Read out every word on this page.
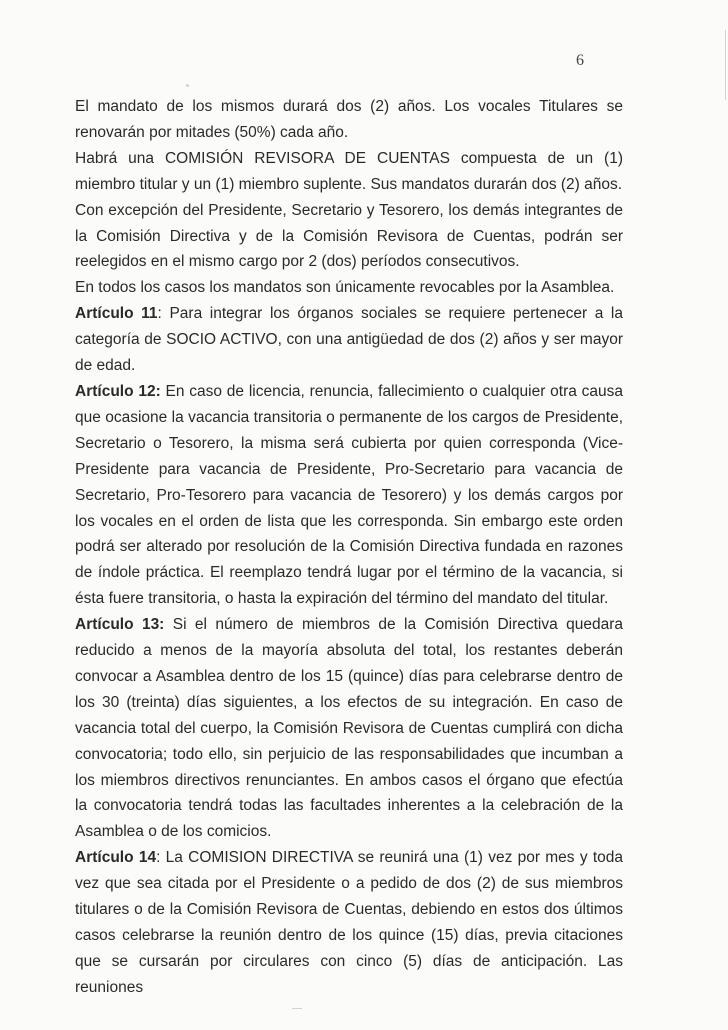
6

El mandato de los mismos durará dos (2) años. Los vocales Titulares se renovarán por mitades (50%) cada año.

Habrá una COMISIÓN REVISORA DE CUENTAS compuesta de un (1) miembro titular y un (1) miembro suplente. Sus mandatos durarán dos (2) años.

Con excepción del Presidente, Secretario y Tesorero, los demás integrantes de la Comisión Directiva y de la Comisión Revisora de Cuentas, podrán ser reelegidos en el mismo cargo por 2 (dos) períodos consecutivos.

En todos los casos los mandatos son únicamente revocables por la Asamblea.

Artículo 11: Para integrar los órganos sociales se requiere pertenecer a la categoría de SOCIO ACTIVO, con una antigüedad de dos (2) años y ser mayor de edad.

Artículo 12: En caso de licencia, renuncia, fallecimiento o cualquier otra causa que ocasione la vacancia transitoria o permanente de los cargos de Presidente, Secretario o Tesorero, la misma será cubierta por quien corresponda (Vice-Presidente para vacancia de Presidente, Pro-Secretario para vacancia de Secretario, Pro-Tesorero para vacancia de Tesorero) y los demás cargos por los vocales en el orden de lista que les corresponda. Sin embargo este orden podrá ser alterado por resolución de la Comisión Directiva fundada en razones de índole práctica. El reemplazo tendrá lugar por el término de la vacancia, si ésta fuere transitoria, o hasta la expiración del término del mandato del titular.

Artículo 13: Si el número de miembros de la Comisión Directiva quedara reducido a menos de la mayoría absoluta del total, los restantes deberán convocar a Asamblea dentro de los 15 (quince) días para celebrarse dentro de los 30 (treinta) días siguientes, a los efectos de su integración. En caso de vacancia total del cuerpo, la Comisión Revisora de Cuentas cumplirá con dicha convocatoria; todo ello, sin perjuicio de las responsabilidades que incumban a los miembros directivos renunciantes. En ambos casos el órgano que efectúa la convocatoria tendrá todas las facultades inherentes a la celebración de la Asamblea o de los comicios.

Artículo 14: La COMISION DIRECTIVA se reunirá una (1) vez por mes y toda vez que sea citada por el Presidente o a pedido de dos (2) de sus miembros titulares o de la Comisión Revisora de Cuentas, debiendo en estos dos últimos casos celebrarse la reunión dentro de los quince (15) días, previa citaciones que se cursarán por circulares con cinco (5) días de anticipación. Las reuniones
